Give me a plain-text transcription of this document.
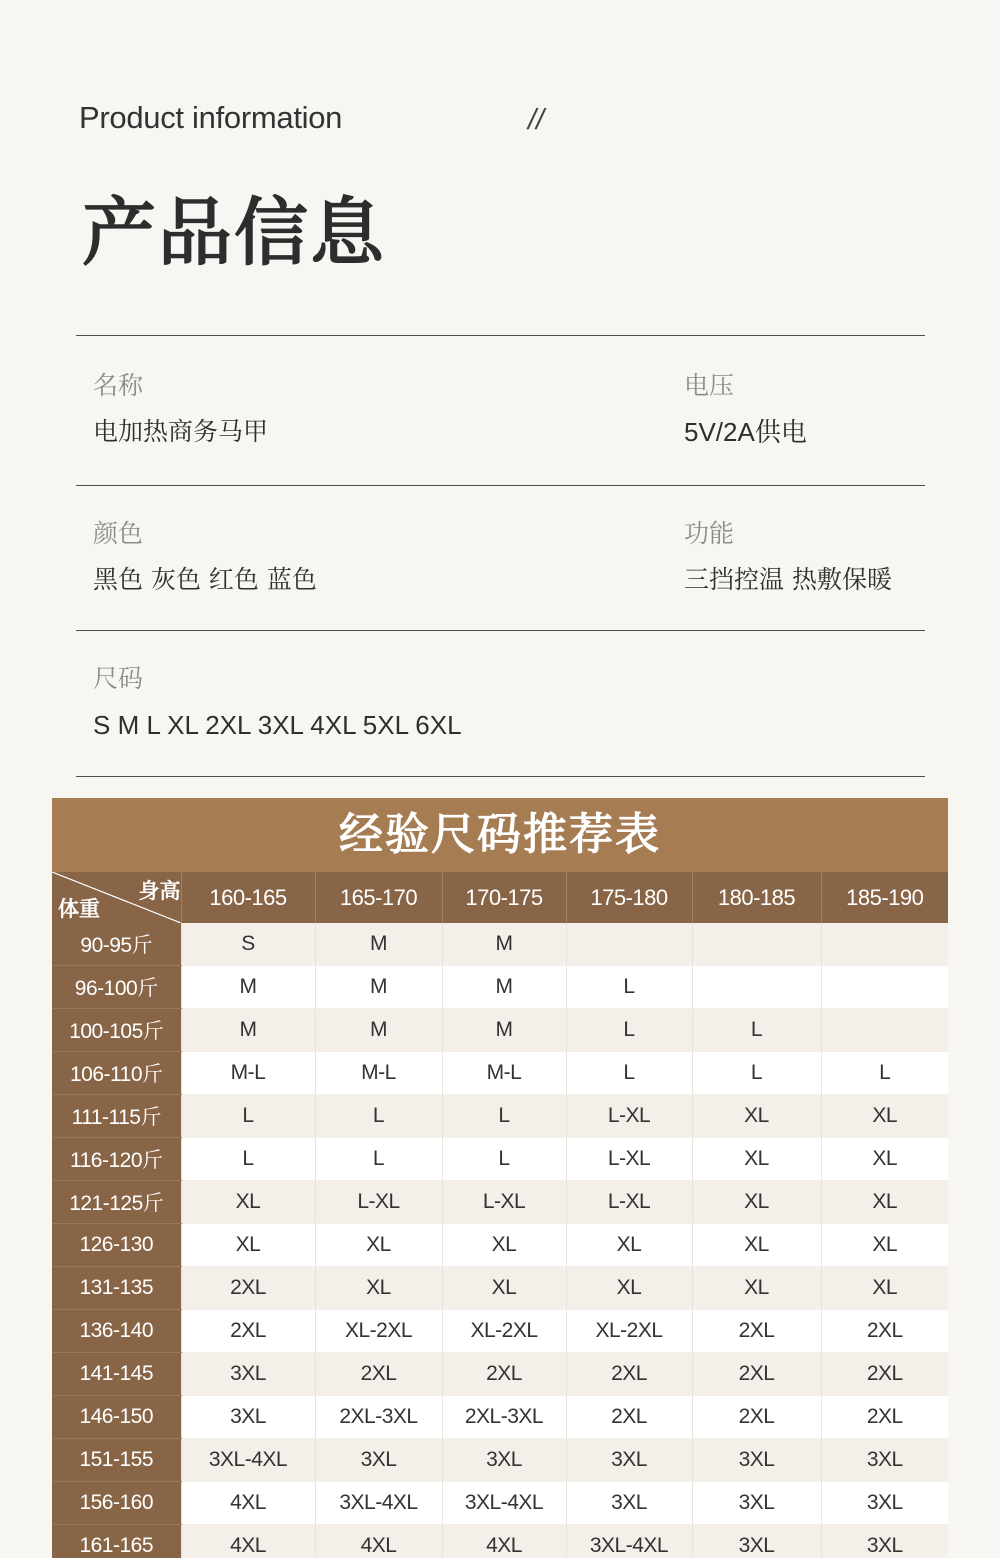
Product information	//
产品信息
名称
电加热商务马甲
电压
5V/2A供电
颜色
黑色 灰色 红色 蓝色
功能
三挡控温 热敷保暖
尺码
S M L XL 2XL 3XL 4XL 5XL 6XL
经验尺码推荐表
身高
体重	160-165	165-170	170-175	175-180	180-185	185-190
90-95斤	S	M	M			
96-100斤	M	M	M	L		
100-105斤	M	M	M	L	L	
106-110斤	M-L	M-L	M-L	L	L	L
111-115斤	L	L	L	L-XL	XL	XL
116-120斤	L	L	L	L-XL	XL	XL
121-125斤	XL	L-XL	L-XL	L-XL	XL	XL
126-130	XL	XL	XL	XL	XL	XL
131-135	2XL	XL	XL	XL	XL	XL
136-140	2XL	XL-2XL	XL-2XL	XL-2XL	2XL	2XL
141-145	3XL	2XL	2XL	2XL	2XL	2XL
146-150	3XL	2XL-3XL	2XL-3XL	2XL	2XL	2XL
151-155	3XL-4XL	3XL	3XL	3XL	3XL	3XL
156-160	4XL	3XL-4XL	3XL-4XL	3XL	3XL	3XL
161-165	4XL	4XL	4XL	3XL-4XL	3XL	3XL
